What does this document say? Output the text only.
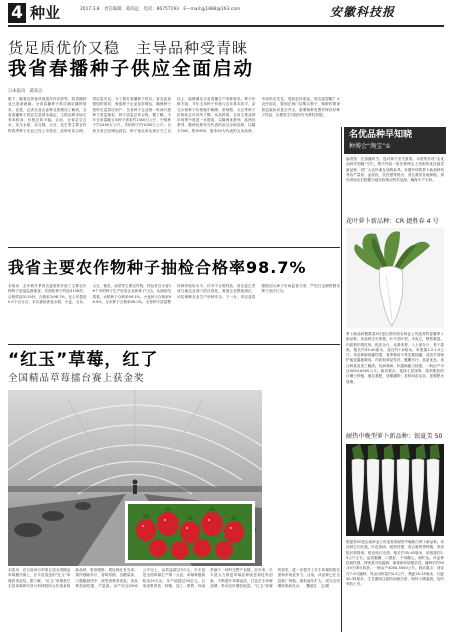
4 种业	2017.3.8　责任编辑：葛高远　电话：86757193　E—mail:gj1888@163.com	安徽科技报
货足质优价又稳　主导品种受青睐
我省春播种子供应全面启动
日本报讯　葛高远
眼下，随着农资备货备战早作在即等，皖省播种业已准备就绪。全省春播种子供应满足播种需求，但是，记者从省农委种业管理局了解到，全省春播种子供应总量基本稳定、主推品种市场占有率较高，价格总体平稳。目前，全省杂交玉米、杂交水稻、杂交棉、大豆、花生等主要农作物春季种子企业已经上市供应，品种布局合理，供应量充足。为了做好春播种子供应，省农委加强组织指导，督促种子企业及时调运，确保种子按时足量供应到户，全省种子企业统一时间开展种子质量抽检，种子质量总体合格。据了解，今年全省春播玉米种子需求约1500万公斤，中稻种子约2400万公斤，早稻种子约1000万公斤。目前全省已经调运到位，种子备足率达到百分之百以上，能够满足全省春播生产用种需求。种子价格方面，今年玉米种子价格与去年基本持平，杂交水稻种子价格稳中略降，常规稻、大豆等种子价格较去年有所下降。从品种看，全省主推品种市场集中度进一步提高，以隆两优系列、晶两优系列、徽两优系列为代表的杂交水稻品种，以隆平206、郑单958、浚单20为代表的玉米品种，市场供应充足，受到农民欢迎。省农委提醒广大农民朋友，要到正规门店购买种子，购种时要查看包装标识是否齐全，索要购种发票并保存好种子样品，以便发生纠纷时作为维权依据。
我省主要农作物种子抽检合格率98.7%
本报讯　去年秋冬季省农委组织开展了主要农作物种子质量监督抽查，共抽检种子样品3156份，合格样品3115份，合格率为98.7%，比上年提高0.5个百分点。本次抽检涉及水稻、小麦、玉米、大豆、棉花、油菜等主要农作物，样品来自全省16个市的种子生产经营企业和种子门店。从抽检结果看，水稻种子合格率99.1%，小麦种子合格率98.9%，玉米种子合格率99.2%，全省种子质量整体保持较好水平。针对不合格样品，省农委已责成当地农业部门依法查处，督促企业整改到位，切实保障农业生产用种安全。下一步，省农委将继续加大种子市场监管力度，严厉打击制售假劣种子违法行为。
“红玉”草莓，红了
全国精品草莓擂台赛上获金奖
本报讯　在日前举行的第五届全国精品草莓擂台赛上，长丰县选送的“红玉”草莓获得金奖。据了解，“红玉”草莓是长丰县草莓研究所与科研院所合作选育的新品种，果形圆锥，果色鲜红有光泽，果肉细腻多汁，香味浓郁，含糖量高，口感酸甜适中，深受消费者喜爱。该品种抗病性强，产量高，亩产可达2500公斤以上，亩效益超过3万元。长丰县是全国草莓生产第一大县，草莓种植面积达20万亩，年产值超过30亿元，已形成集育苗、种植、加工、销售、休闲采摘于一体的完整产业链。近年来，长丰县大力推进草莓品种改良和技术创新，不断提升草莓品质，打造长丰草莓品牌，带动农民增收致富。“红玉”草莓的获奖，进一步提升了长丰草莓的知名度和市场竞争力。目前，该品种已在全县推广种植，面积逐年扩大，成为农民增收的新亮点。　魏进弘　文/图
名优品种早知晓
种博会“淘宝”①
编者按：在春播时节，选对种子至关重要。本报特开设“名优品种早知晓”专栏，集中介绍一批在种博会上亮相的优良蔬菜新品种，供广大农民朋友选购参考。本期介绍的萝卜新品种均具有产量高、品质优、抗性强等特点，适合我省各地种植。请读者朋友们根据当地实际情况科学选择，确保丰产丰收。
花叶萝卜新品种：CR 捷胜春 4 号
萝卜新品种捷胜春4号是由国内知名种业公司选育的春播萝卜新品种。该品种生长势强，叶片花叶型，半直立，株型紧凑。肉质根长圆柱形，根皮全白，光滑美观，入土部分少，易于拔收。根长约35-40厘米，直径约7-8厘米，单根重1.2-1.5公斤。该品种耐抽薹性强，春季栽培不易先期抽薹，适宜早春保护地及露地栽培。肉质根商品性好，脆嫩多汁，品质优良，适合鲜食及加工腌渍。抗病毒病、软腐病能力较强。一般亩产可达5000-6000公斤。栽培要点：选择土层深厚、疏松肥沃的沙壤土种植，施足基肥，适期播种，及时间苗定苗，加强肥水管理。
耐热中晚型萝卜新品种：银夏美 50
银夏美50是由某种业公司选育的耐热中晚熟白萝卜新品种。该品种生长旺盛，叶色浓绿，耐热性强，适合夏秋季种植。肉质根长圆筒形，根皮纯白光滑，根长约35-40厘米，单根重约1.5公斤左右。品质脆嫩，口感好，不易糠心，耐贮运。该品种抗病性强，特别是对软腐病、病毒病有较强抗性。播种后约50-55天即可收获，一般亩产4000-5000公斤。栽培要点：适宜在7-9月播种，每亩用种量约0.3公斤，株距20-25厘米，行距30-35厘米，生长期间注意防治病虫害，保持土壤湿润，及时采收上市。
